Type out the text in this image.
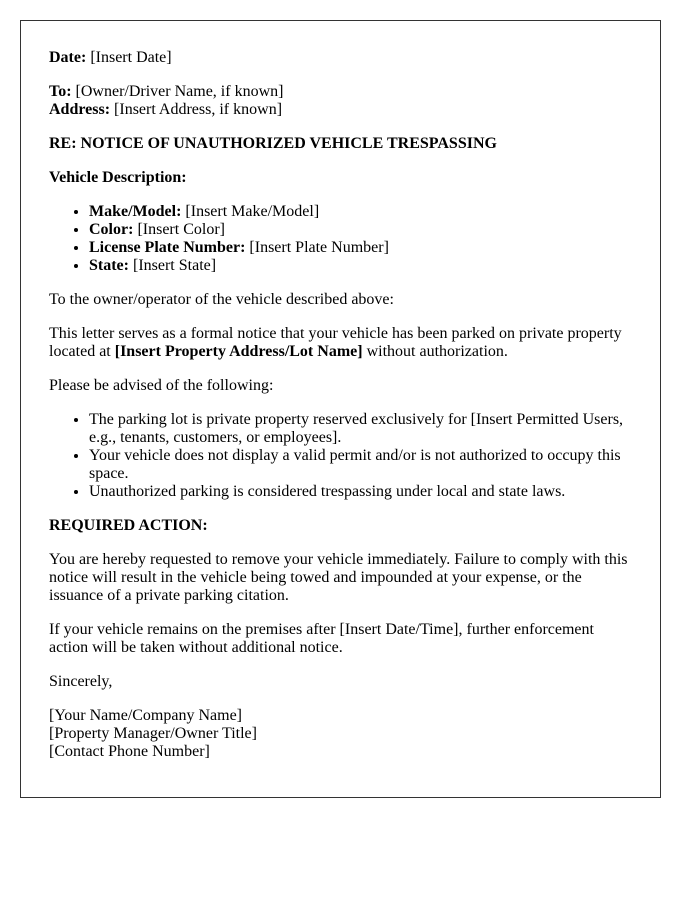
Date: [Insert Date]

To: [Owner/Driver Name, if known]
Address: [Insert Address, if known]

RE: NOTICE OF UNAUTHORIZED VEHICLE TRESPASSING

Vehicle Description:

• Make/Model: [Insert Make/Model]
• Color: [Insert Color]
• License Plate Number: [Insert Plate Number]
• State: [Insert State]

To the owner/operator of the vehicle described above:

This letter serves as a formal notice that your vehicle has been parked on private property located at [Insert Property Address/Lot Name] without authorization.

Please be advised of the following:

• The parking lot is private property reserved exclusively for [Insert Permitted Users, e.g., tenants, customers, or employees].
• Your vehicle does not display a valid permit and/or is not authorized to occupy this space.
• Unauthorized parking is considered trespassing under local and state laws.

REQUIRED ACTION:

You are hereby requested to remove your vehicle immediately. Failure to comply with this notice will result in the vehicle being towed and impounded at your expense, or the issuance of a private parking citation.

If your vehicle remains on the premises after [Insert Date/Time], further enforcement action will be taken without additional notice.

Sincerely,

[Your Name/Company Name]
[Property Manager/Owner Title]
[Contact Phone Number]
